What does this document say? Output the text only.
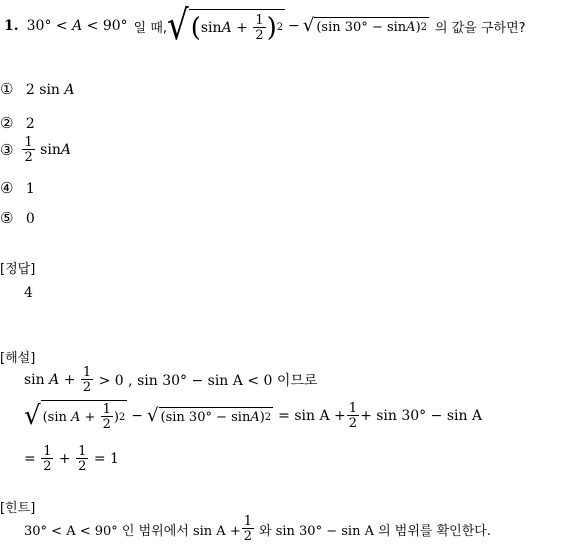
1. 30° < A < 90° 일 때, √ ( $\sin A + \frac{1}{2}$ ) 2 − √ (sin 30° − sin A ) 2 의 값을 구하면?
① 2 sin A
② 2
③ $\frac{1}{2}$ sin A
④ 1
⑤ 0
[정답]
4
[해설]
$\sin A + \frac{1}{2}$
> 0 , sin 30° − sin A < 0 이므로
√ (sin $A + \frac{1}{2}$ ) 2 − √ (sin 30° − sin A ) $2 = \sin A + \frac{1}{2} + \sin 30^\circ - \sin A$
= $\frac{1}{2} + \frac{1}{2}$
= 1
[힌트]
30° < A < 90° 인 범위에서 $\sin A + \frac{1}{2}$ 와 sin 30° − sin A 의 범위를 확인한다.
